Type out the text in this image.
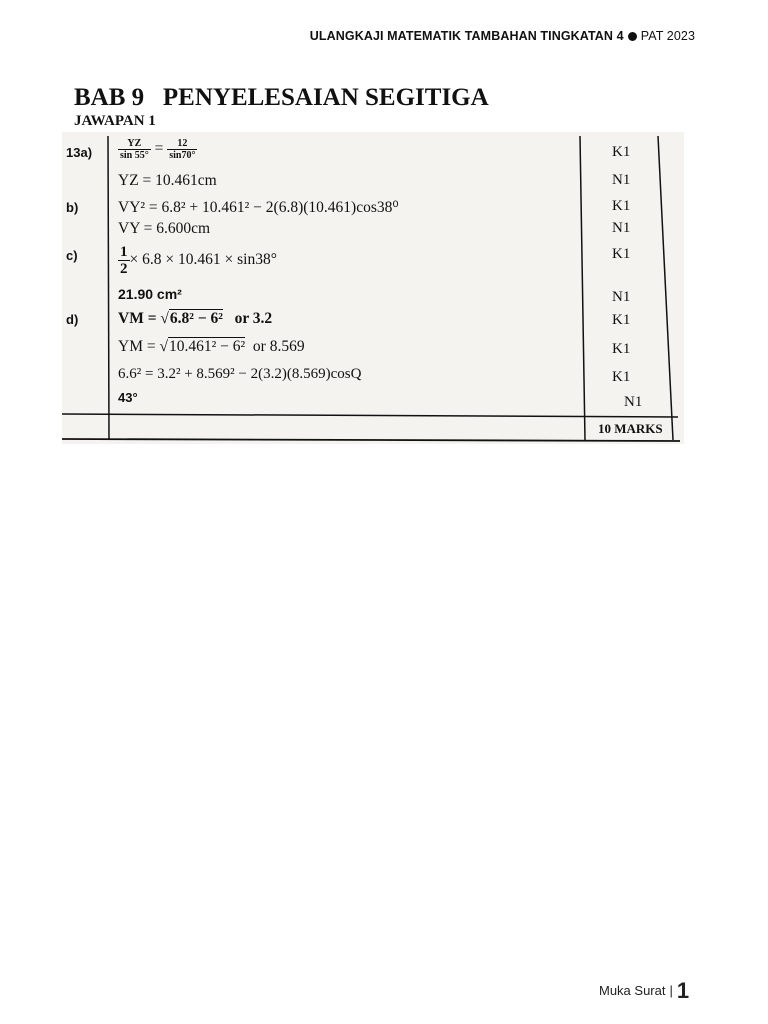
ULANGKAJI MATEMATIK TAMBAHAN TINGKATAN 4 PAT 2023
BAB 9   PENYELESAIAN SEGITIGA
JAWAPAN 1
13a)	$\frac{YZ}{\sin 55^\circ} = \frac{12}{\sin 70^\circ}$	K1
YZ = 10.461cm	N1
b)	VY² = 6.8² + 10.461² − 2(6.8)(10.461)cos38⁰	K1
VY = 6.600cm	N1
c)	$\frac{1}{2} \times 6.8 \times 10.461 \times \sin 38^\circ$	K1
21.90 cm²	N1
d)	VM = √6.8² − 6² or 3.2	K1
YM = √10.461² − 6² or 8.569	K1
6.6² = 3.2² + 8.569² − 2(3.2)(8.569)cosQ	K1
43°	N1
10 MARKS
Muka Surat | 1
